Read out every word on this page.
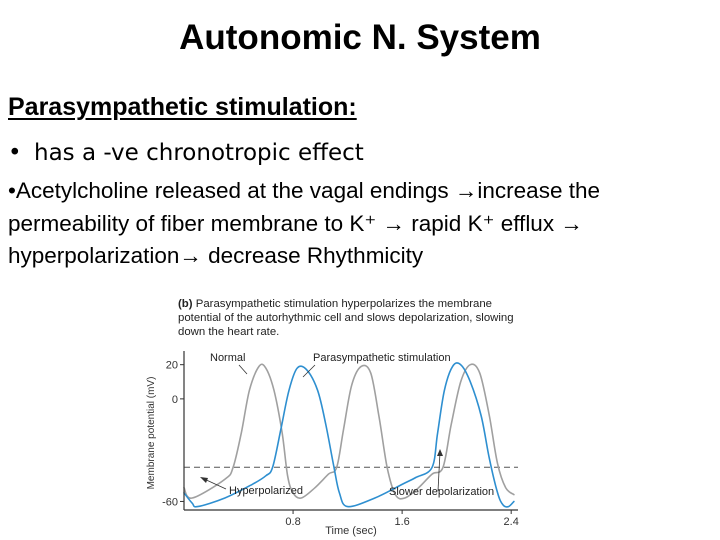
Autonomic N. System
Parasympathetic stimulation:
• has a -ve chronotropic effect
•Acetylcholine released at the vagal endings →increase the permeability of fiber membrane to K⁺ → rapid K⁺ efflux → hyperpolarization→ decrease Rhythmicity
(b) Parasympathetic stimulation hyperpolarizes the membrane potential of the autorhythmic cell and slows depolarization, slowing down the heart rate.
20
0
-60
0.8	1.6	2.4
Membrane potential (mV)
Time (sec)
Normal	Parasympathetic stimulation
Hyperpolarized	Slower depolarization
